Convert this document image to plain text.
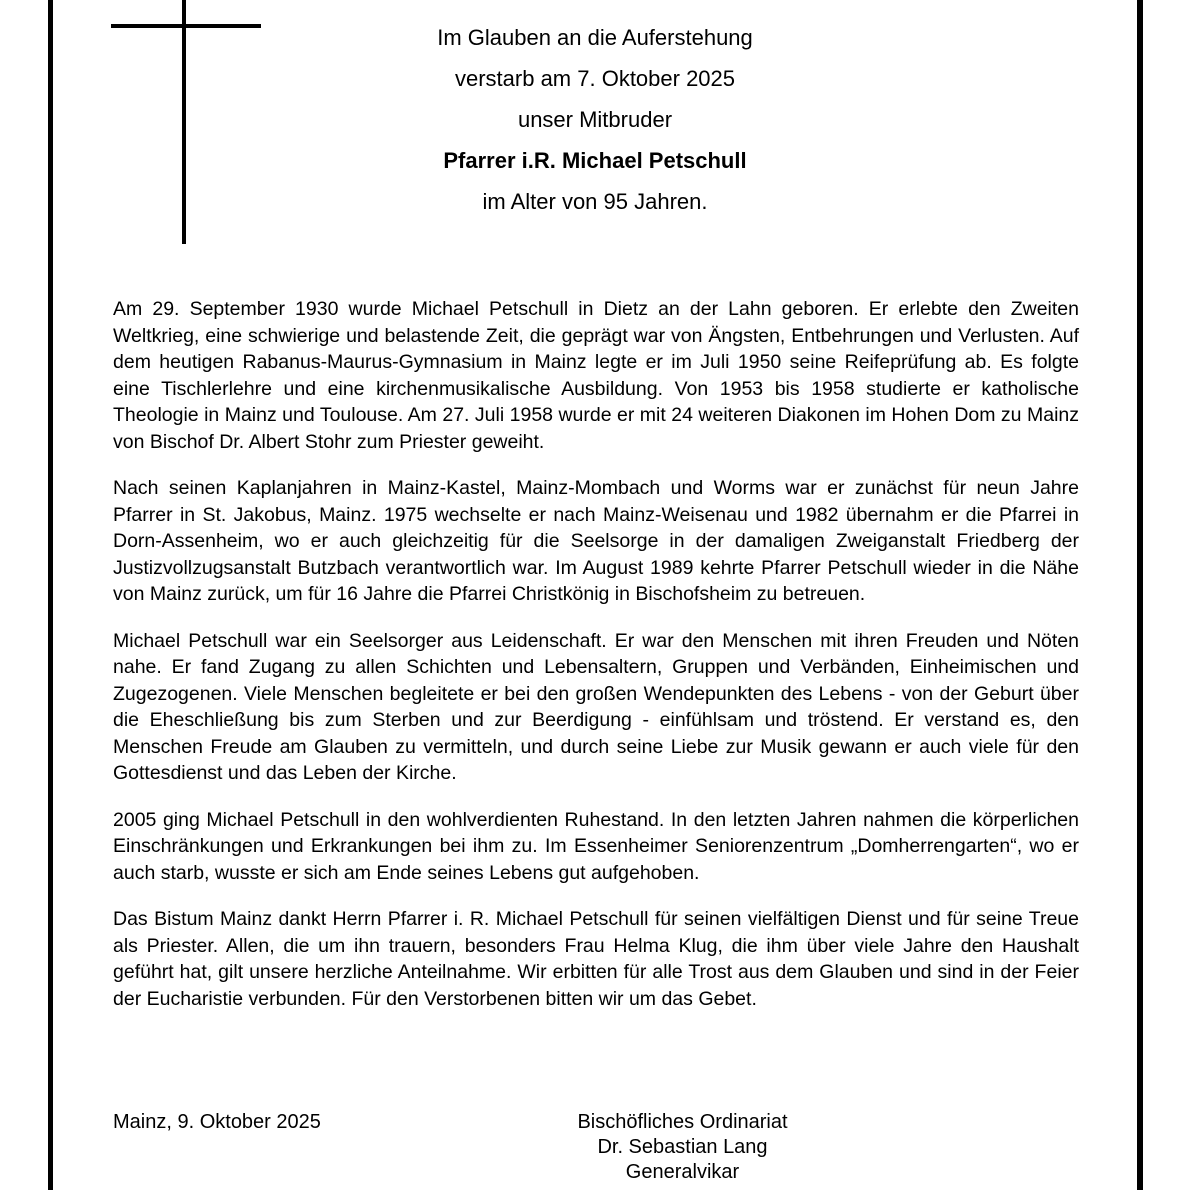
Im Glauben an die Auferstehung
verstarb am 7. Oktober 2025
unser Mitbruder
Pfarrer i.R. Michael Petschull
im Alter von 95 Jahren.

Am 29. September 1930 wurde Michael Petschull in Dietz an der Lahn geboren. Er erlebte den Zweiten Weltkrieg, eine schwierige und belastende Zeit, die geprägt war von Ängsten, Entbehrungen und Verlusten. Auf dem heutigen Rabanus-Maurus-Gymnasium in Mainz legte er im Juli 1950 seine Reifeprüfung ab. Es folgte eine Tischlerlehre und eine kirchenmusikalische Ausbildung. Von 1953 bis 1958 studierte er katholische Theologie in Mainz und Toulouse. Am 27. Juli 1958 wurde er mit 24 weiteren Diakonen im Hohen Dom zu Mainz von Bischof Dr. Albert Stohr zum Priester geweiht.

Nach seinen Kaplanjahren in Mainz-Kastel, Mainz-Mombach und Worms war er zunächst für neun Jahre Pfarrer in St. Jakobus, Mainz. 1975 wechselte er nach Mainz-Weisenau und 1982 übernahm er die Pfarrei in Dorn-Assenheim, wo er auch gleichzeitig für die Seelsorge in der damaligen Zweiganstalt Friedberg der Justizvollzugsanstalt Butzbach verantwortlich war. Im August 1989 kehrte Pfarrer Petschull wieder in die Nähe von Mainz zurück, um für 16 Jahre die Pfarrei Christkönig in Bischofsheim zu betreuen.

Michael Petschull war ein Seelsorger aus Leidenschaft. Er war den Menschen mit ihren Freuden und Nöten nahe. Er fand Zugang zu allen Schichten und Lebensaltern, Gruppen und Verbänden, Einheimischen und Zugezogenen. Viele Menschen begleitete er bei den großen Wendepunkten des Lebens - von der Geburt über die Eheschließung bis zum Sterben und zur Beerdigung - einfühlsam und tröstend. Er verstand es, den Menschen Freude am Glauben zu vermitteln, und durch seine Liebe zur Musik gewann er auch viele für den Gottesdienst und das Leben der Kirche.

2005 ging Michael Petschull in den wohlverdienten Ruhestand. In den letzten Jahren nahmen die körperlichen Einschränkungen und Erkrankungen bei ihm zu. Im Essenheimer Seniorenzentrum „Domherrengarten“, wo er auch starb, wusste er sich am Ende seines Lebens gut aufgehoben.

Das Bistum Mainz dankt Herrn Pfarrer i. R. Michael Petschull für seinen vielfältigen Dienst und für seine Treue als Priester. Allen, die um ihn trauern, besonders Frau Helma Klug, die ihm über viele Jahre den Haushalt geführt hat, gilt unsere herzliche Anteilnahme. Wir erbitten für alle Trost aus dem Glauben und sind in der Feier der Eucharistie verbunden. Für den Verstorbenen bitten wir um das Gebet.

Mainz, 9. Oktober 2025	Bischöfliches Ordinariat
Dr. Sebastian Lang
Generalvikar
